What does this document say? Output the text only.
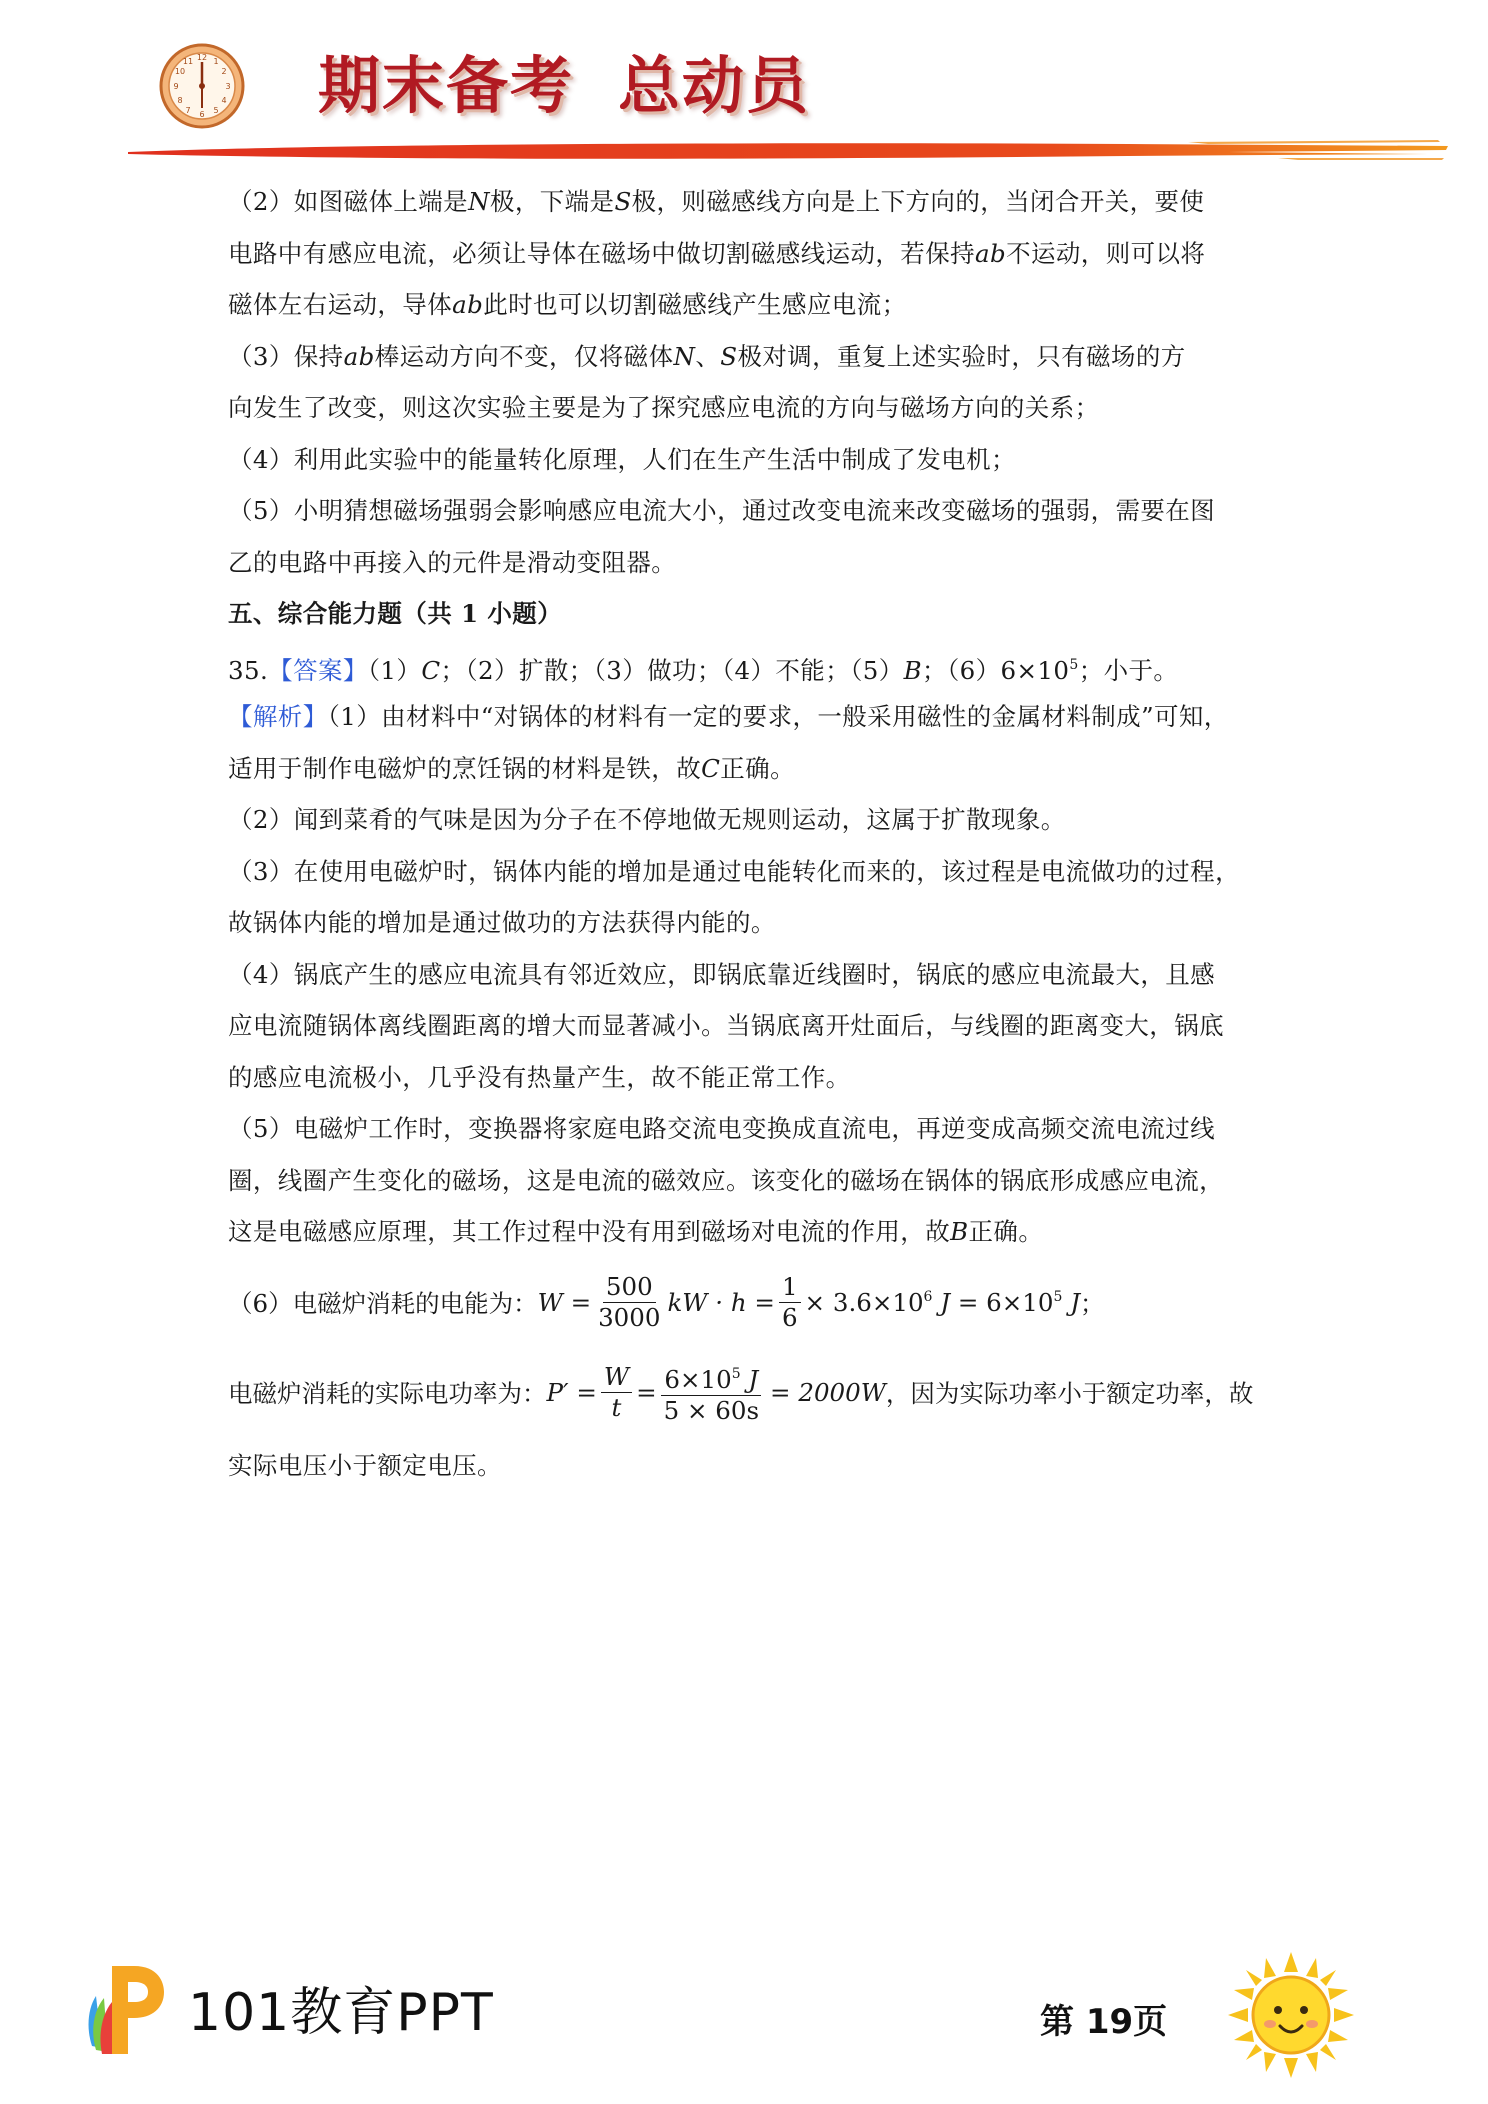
12 1
2
3
4
5
6
7
8
9
10
11 期末备考 总动员
（2）如图磁体上端是N极，下端是S极，则磁感线方向是上下方向的，当闭合开关，要使
电路中有感应电流，必须让导体在磁场中做切割磁感线运动，若保持ab不运动，则可以将
磁体左右运动，导体ab此时也可以切割磁感线产生感应电流；
（3）保持ab棒运动方向不变，仅将磁体N、S极对调，重复上述实验时，只有磁场的方
向发生了改变，则这次实验主要是为了探究感应电流的方向与磁场方向的关系；
（4）利用此实验中的能量转化原理，人们在生产生活中制成了发电机；
（5）小明猜想磁场强弱会影响感应电流大小，通过改变电流来改变磁场的强弱，需要在图
乙的电路中再接入的元件是滑动变阻器。
五、综合能力题（共 1 小题）
35.【答案】（1）C；（2）扩散；（3）做功；（4）不能；（5）B；$(6)6\times 10^5$；小于。
【解析】（1）由材料中“对锅体的材料有一定的要求，一般采用磁性的金属材料制成”可知，
适用于制作电磁炉的烹饪锅的材料是铁，故C正确。
（2）闻到菜肴的气味是因为分子在不停地做无规则运动，这属于扩散现象。
（3）在使用电磁炉时，锅体内能的增加是通过电能转化而来的，该过程是电流做功的过程，
故锅体内能的增加是通过做功的方法获得内能的。
（4）锅底产生的感应电流具有邻近效应，即锅底靠近线圈时，锅底的感应电流最大，且感
应电流随锅体离线圈距离的增大而显著减小。当锅底离开灶面后，与线圈的距离变大，锅底
的感应电流极小，几乎没有热量产生，故不能正常工作。
（5）电磁炉工作时，变换器将家庭电路交流电变换成直流电，再逆变成高频交流电流过线
圈，线圈产生变化的磁场，这是电流的磁效应。该变化的磁场在锅体的锅底形成感应电流，
这是电磁感应原理，其工作过程中没有用到磁场对电流的作用，故B正确。
（6）电磁炉消耗的电能为： $W = \frac{500}{3000}$ kW · $h = \frac{1}{6} \times 3.6\times 10^6$ $J = 6\times 10^5$ J ；
电磁炉消耗的实际电功率为： $P' = \frac{W}{t} = \frac{6\times 10^5 J}{5 \times 60s} = 2000W$ ，因为实际功率小于额定功率，故
实际电压小于额定电压。
101教育PPT	第 19页
